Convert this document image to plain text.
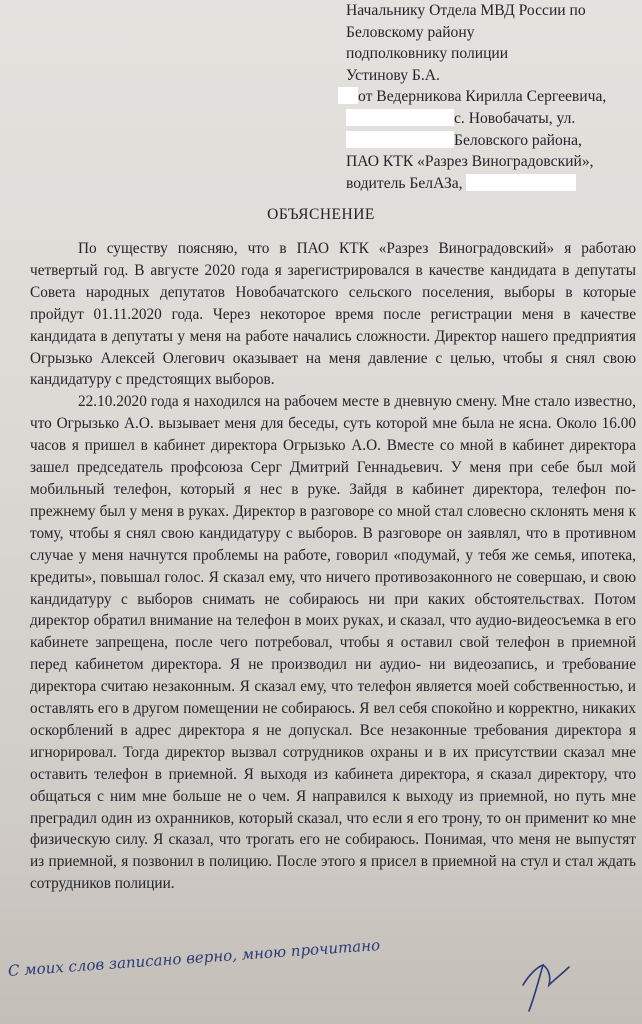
Начальнику Отдела МВД России по
Беловскому району
подполковнику полиции
Устинову Б.А.
от Ведерникова Кирилла Сергеевича,
с. Новобачаты, ул.
Беловского района,
ПАО КТК «Разрез Виноградовский»,
водитель БелАЗа,
ОБЪЯСНЕНИЕ

По существу поясняю, что в ПАО КТК «Разрез Виноградовский» я работаю четвертый год. В августе 2020 года я зарегистрировался в качестве кандидата в депутаты Совета народных депутатов Новобачатского сельского поселения, выборы в которые пройдут 01.11.2020 года. Через некоторое время после регистрации меня в качестве кандидата в депутаты у меня на работе начались сложности. Директор нашего предприятия Огрызько Алексей Олегович оказывает на меня давление с целью, чтобы я снял свою кандидатуру с предстоящих выборов.

22.10.2020 года я находился на рабочем месте в дневную смену. Мне стало известно, что Огрызько А.О. вызывает меня для беседы, суть которой мне была не ясна. Около 16.00 часов я пришел в кабинет директора Огрызько А.О. Вместе со мной в кабинет директора зашел председатель профсоюза Серг Дмитрий Геннадьевич. У меня при себе был мой мобильный телефон, который я нес в руке. Зайдя в кабинет директора, телефон по-прежнему был у меня в руках. Директор в разговоре со мной стал словесно склонять меня к тому, чтобы я снял свою кандидатуру с выборов. В разговоре он заявлял, что в противном случае у меня начнутся проблемы на работе, говорил «подумай, у тебя же семья, ипотека, кредиты», повышал голос. Я сказал ему, что ничего противозаконного не совершаю, и свою кандидатуру с выборов снимать не собираюсь ни при каких обстоятельствах. Потом директор обратил внимание на телефон в моих руках, и сказал, что аудио-видеосъемка в его кабинете запрещена, после чего потребовал, чтобы я оставил свой телефон в приемной перед кабинетом директора. Я не производил ни аудио- ни видеозапись, и требование директора считаю незаконным. Я сказал ему, что телефон является моей собственностью, и оставлять его в другом помещении не собираюсь. Я вел себя спокойно и корректно, никаких оскорблений в адрес директора я не допускал. Все незаконные требования директора я игнорировал. Тогда директор вызвал сотрудников охраны и в их присутствии сказал мне оставить телефон в приемной. Я выходя из кабинета директора, я сказал директору, что общаться с ним мне больше не о чем. Я направился к выходу из приемной, но путь мне преградил один из охранников, который сказал, что если я его трону, то он применит ко мне физическую силу. Я сказал, что трогать его не собираюсь. Понимая, что меня не выпустят из приемной, я позвонил в полицию. После этого я присел в приемной на стул и стал ждать сотрудников полиции.

С моих слов записано верно, мною прочитано
